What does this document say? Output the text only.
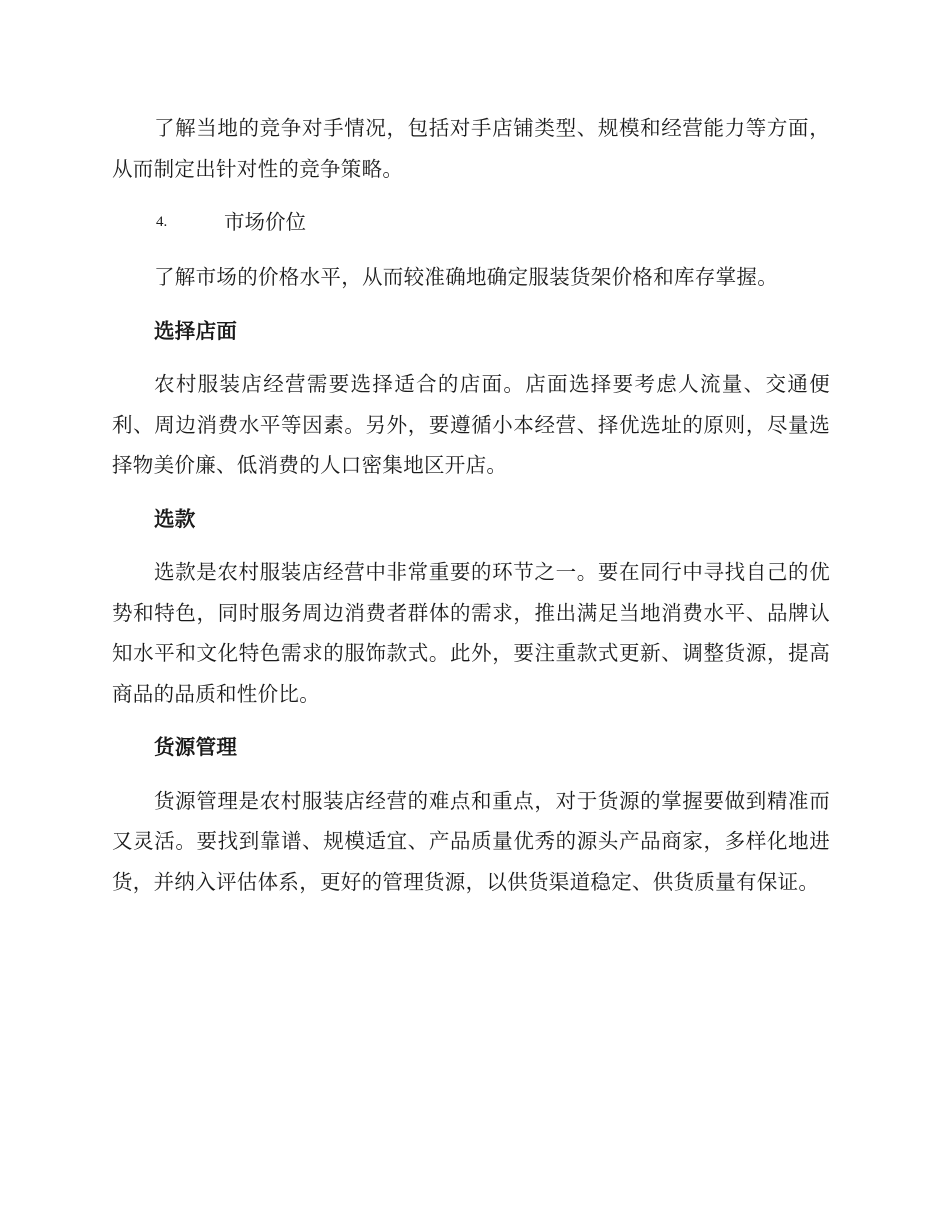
了解当地的竞争对手情况，包括对手店铺类型、规模和经营能力等方面，从而制定出针对性的竞争策略。

4.	市场价位

了解市场的价格水平，从而较准确地确定服装货架价格和库存掌握。

选择店面

农村服装店经营需要选择适合的店面。店面选择要考虑人流量、交通便利、周边消费水平等因素。另外，要遵循小本经营、择优选址的原则，尽量选择物美价廉、低消费的人口密集地区开店。

选款

选款是农村服装店经营中非常重要的环节之一。要在同行中寻找自己的优势和特色，同时服务周边消费者群体的需求，推出满足当地消费水平、品牌认知水平和文化特色需求的服饰款式。此外，要注重款式更新、调整货源，提高商品的品质和性价比。

货源管理

货源管理是农村服装店经营的难点和重点，对于货源的掌握要做到精准而又灵活。要找到靠谱、规模适宜、产品质量优秀的源头产品商家，多样化地进货，并纳入评估体系，更好的管理货源，以供货渠道稳定、供货质量有保证。
